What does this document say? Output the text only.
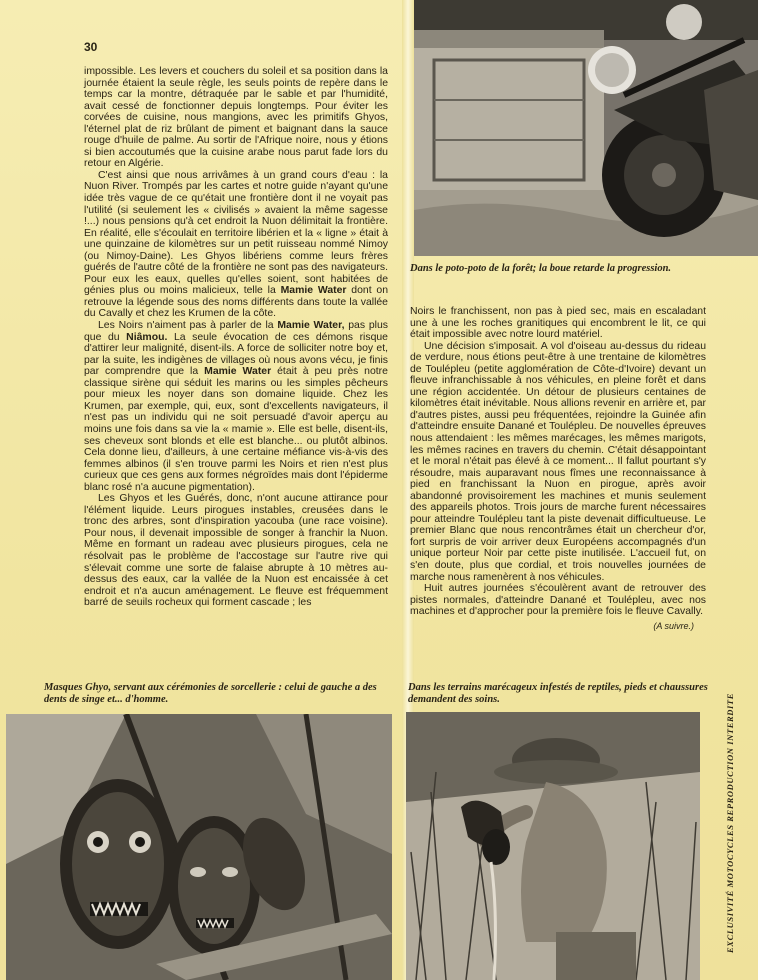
30

impossible. Les levers et couchers du soleil et sa position dans la journée étaient la seule règle, les seuls points de repère dans le temps car la montre, détraquée par le sable et par l'humidité, avait cessé de fonctionner depuis longtemps. Pour éviter les corvées de cuisine, nous mangions, avec les primitifs Ghyos, l'éternel plat de riz brûlant de piment et baignant dans la sauce rouge d'huile de palme. Au sortir de l'Afrique noire, nous y étions si bien accoutumés que la cuisine arabe nous parut fade lors du retour en Algérie.

C'est ainsi que nous arrivâmes à un grand cours d'eau : la Nuon River. Trompés par les cartes et notre guide n'ayant qu'une idée très vague de ce qu'était une frontière dont il ne voyait pas l'utilité (si seulement les « civilisés » avaient la même sagesse !...) nous pensions qu'à cet endroit la Nuon délimitait la frontière. En réalité, elle s'écoulait en territoire libérien et la « ligne » était à une quinzaine de kilomètres sur un petit ruisseau nommé Nimoy (ou Nimoy-Daine). Les Ghyos libériens comme leurs frères guérés de l'autre côté de la frontière ne sont pas des navigateurs. Pour eux les eaux, quelles qu'elles soient, sont habitées de génies plus ou moins malicieux, telle la Mamie Water dont on retrouve la légende sous des noms différents dans toute la vallée du Cavally et chez les Krumen de la côte.

Les Noirs n'aiment pas à parler de la Mamie Water, pas plus que du Niâmou. La seule évocation de ces démons risque d'attirer leur malignité, disent-ils. A force de solliciter notre boy et, par la suite, les indigènes de villages où nous avons vécu, je finis par comprendre que la Mamie Water était à peu près notre classique sirène qui séduit les marins ou les simples pêcheurs pour mieux les noyer dans son domaine liquide. Chez les Krumen, par exemple, qui, eux, sont d'excellents navigateurs, il n'est pas un individu qui ne soit persuadé d'avoir aperçu au moins une fois dans sa vie la « mamie ». Elle est belle, disent-ils, ses cheveux sont blonds et elle est blanche... ou plutôt albinos. Cela donne lieu, d'ailleurs, à une certaine méfiance vis-à-vis des femmes albinos (il s'en trouve parmi les Noirs et rien n'est plus curieux que ces gens aux formes négroïdes mais dont l'épiderme blanc rosé n'a aucune pigmentation).

Les Ghyos et les Guérés, donc, n'ont aucune attirance pour l'élément liquide. Leurs pirogues instables, creusées dans le tronc des arbres, sont d'inspiration yacouba (une race voisine). Pour nous, il devenait impossible de songer à franchir la Nuon. Même en formant un radeau avec plusieurs pirogues, cela ne résolvait pas le problème de l'accostage sur l'autre rive qui s'élevait comme une sorte de falaise abrupte à 10 mètres au-dessus des eaux, car la vallée de la Nuon est encaissée à cet endroit et n'a aucun aménagement. Le fleuve est fréquemment barré de seuils rocheux qui forment cascade ; les

Dans le poto-poto de la forêt; la boue retarde la progression.

Noirs le franchissent, non pas à pied sec, mais en escaladant une à une les roches granitiques qui encombrent le lit, ce qui était impossible avec notre lourd matériel.

Une décision s'imposait. A vol d'oiseau au-dessus du rideau de verdure, nous étions peut-être à une trentaine de kilomètres de Toulépleu (petite agglomération de Côte-d'Ivoire) devant un fleuve infranchissable à nos véhicules, en pleine forêt et dans une région accidentée. Un détour de plusieurs centaines de kilomètres était inévitable. Nous allions revenir en arrière et, par d'autres pistes, aussi peu fréquentées, rejoindre la Guinée afin d'atteindre ensuite Danané et Toulépleu. De nouvelles épreuves nous attendaient : les mêmes marécages, les mêmes marigots, les mêmes racines en travers du chemin. C'était désappointant et le moral n'était pas élevé à ce moment... Il fallut pourtant s'y résoudre, mais auparavant nous fîmes une reconnaissance à pied en franchissant la Nuon en pirogue, après avoir abandonné provisoirement les machines et munis seulement des appareils photos. Trois jours de marche furent nécessaires pour atteindre Toulépleu tant la piste devenait difficultueuse. Le premier Blanc que nous rencontrâmes était un chercheur d'or, fort surpris de voir arriver deux Européens accompagnés d'un unique porteur Noir par cette piste inutilisée. L'accueil fut, on s'en doute, plus que cordial, et trois nouvelles journées de marche nous ramenèrent à nos véhicules.

Huit autres journées s'écoulèrent avant de retrouver des pistes normales, d'atteindre Danané et Toulépleu, avec nos machines et d'approcher pour la première fois le fleuve Cavally.

(A suivre.)
Masques Ghyo, servant aux cérémonies de sorcellerie : celui de gauche a des dents de singe et... d'homme.
Dans les terrains marécageux infestés de reptiles, pieds et chaussures demandent des soins.	EXCLUSIVITÉ MOTOCYCLES REPRODUCTION INTERDITE
